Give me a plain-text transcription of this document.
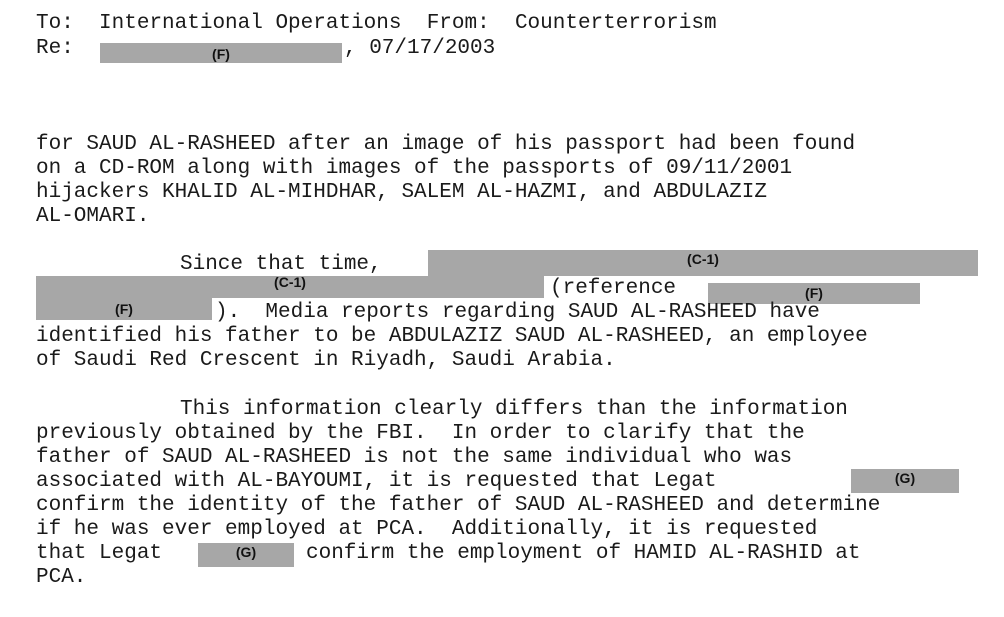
To: International Operations From: Counterterrorism
Re:	(F)	, 07/17/2003
for SAUD AL-RASHEED after an image of his passport had been found
on a CD-ROM along with images of the passports of 09/11/2001
hijackers KHALID AL-MIHDHAR, SALEM AL-HAZMI, and ABDULAZIZ
AL-OMARI.
Since that time,	(C-1)
(C-1)	(reference	(F)
(F)	).  Media reports regarding SAUD AL-RASHEED have
identified his father to be ABDULAZIZ SAUD AL-RASHEED, an employee
of Saudi Red Crescent in Riyadh, Saudi Arabia.
This information clearly differs than the information
previously obtained by the FBI.  In order to clarify that the
father of SAUD AL-RASHEED is not the same individual who was
associated with AL-BAYOUMI, it is requested that Legat	(G)
confirm the identity of the father of SAUD AL-RASHEED and determine
if he was ever employed at PCA.  Additionally, it is requested
that Legat	(G)	confirm the employment of HAMID AL-RASHID at
PCA.
